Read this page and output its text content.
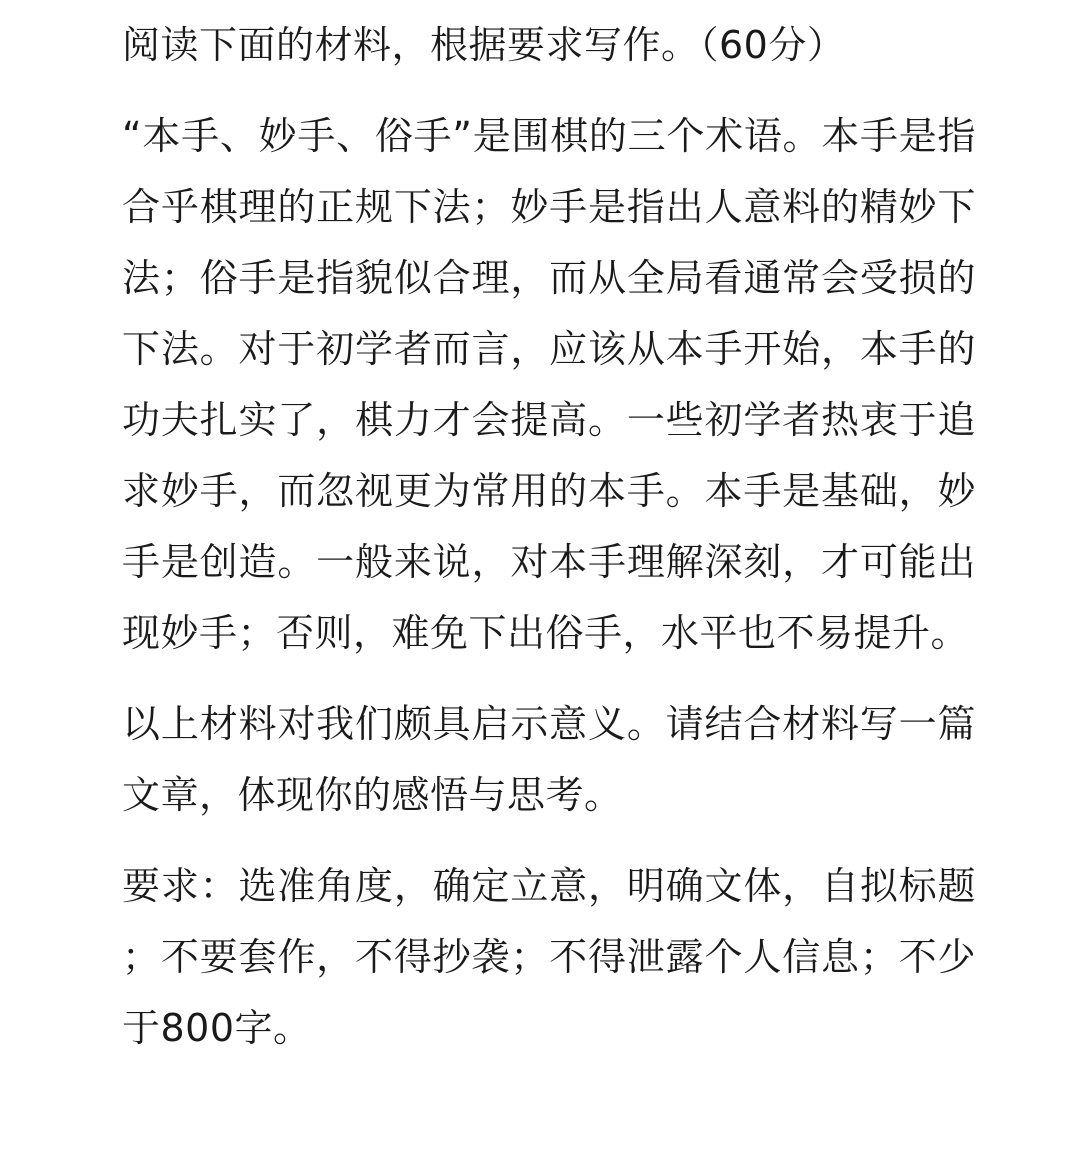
阅读下面的材料，根据要求写作。（60分）

“本手、妙手、俗手”是围棋的三个术语。本手是指合乎棋理的正规下法；妙手是指出人意料的精妙下法；俗手是指貌似合理，而从全局看通常会受损的下法。对于初学者而言，应该从本手开始，本手的功夫扎实了，棋力才会提高。一些初学者热衷于追求妙手，而忽视更为常用的本手。本手是基础，妙手是创造。一般来说，对本手理解深刻，才可能出现妙手；否则，难免下出俗手，水平也不易提升。

以上材料对我们颇具启示意义。请结合材料写一篇文章，体现你的感悟与思考。

要求：选准角度，确定立意，明确文体，自拟标题；不要套作，不得抄袭；不得泄露个人信息；不少于800字。
